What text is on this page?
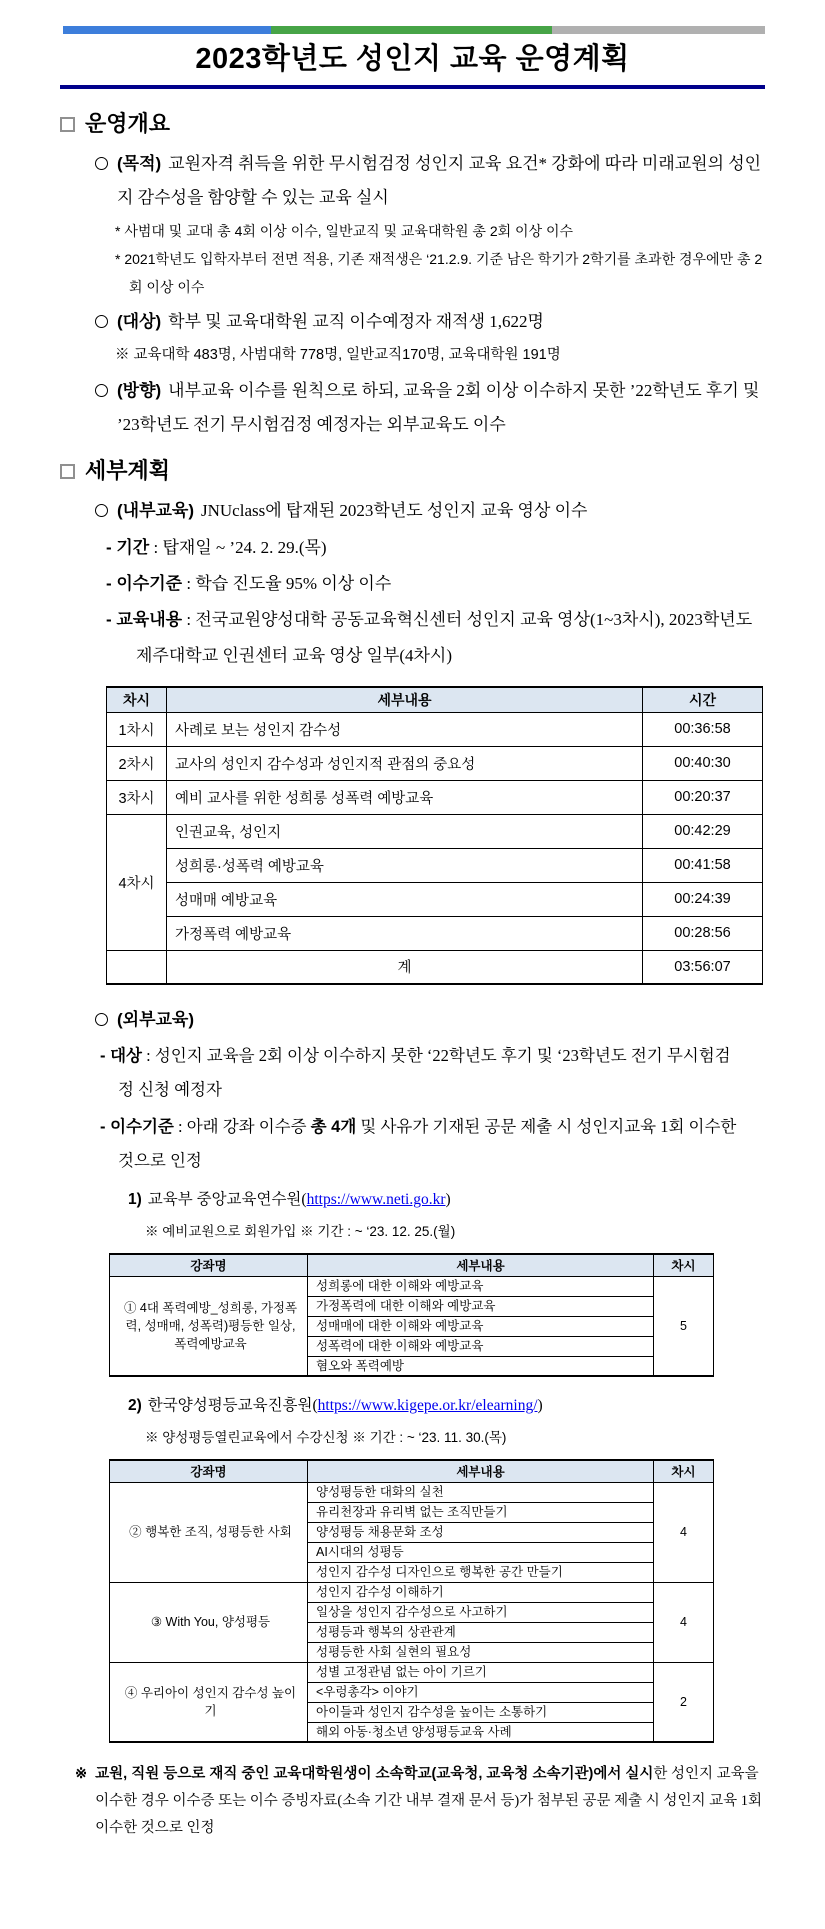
2023학년도 성인지 교육 운영계획
운영개요
(목적) 교원자격 취득을 위한 무시험검정 성인지 교육 요건* 강화에 따라 미래교원의 성인지 감수성을 함양할 수 있는 교육 실시
* 사범대 및 교대 총 4회 이상 이수, 일반교직 및 교육대학원 총 2회 이상 이수
* 2021학년도 입학자부터 전면 적용, 기존 재적생은 ‘21.2.9. 기준 남은 학기가 2학기를 초과한 경우에만 총 2회 이상 이수
(대상) 학부 및 교육대학원 교직 이수예정자 재적생 1,622명
※ 교육대학 483명, 사범대학 778명, 일반교직170명, 교육대학원 191명
(방향) 내부교육 이수를 원칙으로 하되, 교육을 2회 이상 이수하지 못한 ’22학년도 후기 및 ’23학년도 전기 무시험검정 예정자는 외부교육도 이수
세부계획
(내부교육) JNUclass에 탑재된 2023학년도 성인지 교육 영상 이수
- 기간 : 탑재일 ~ ’24. 2. 29.(목)
- 이수기준 : 학습 진도율 95% 이상 이수
- 교육내용 : 전국교원양성대학 공동교육혁신센터 성인지 교육 영상(1~3차시), 2023학년도 제주대학교 인권센터 교육 영상 일부(4차시)
차시	세부내용	시간
1차시	사례로 보는 성인지 감수성	00:36:58
2차시	교사의 성인지 감수성과 성인지적 관점의 중요성	00:40:30
3차시	예비 교사를 위한 성희롱 성폭력 예방교육	00:20:37
4차시	인권교육, 성인지	00:42:29
	성희롱·성폭력 예방교육	00:41:58
	성매매 예방교육	00:24:39
	가정폭력 예방교육	00:28:56
	계	03:56:07
(외부교육)
- 대상 : 성인지 교육을 2회 이상 이수하지 못한 ‘22학년도 후기 및 ‘23학년도 전기 무시험검정 신청 예정자
- 이수기준 : 아래 강좌 이수증 총 4개 및 사유가 기재된 공문 제출 시 성인지교육 1회 이수한 것으로 인정
1) 교육부 중앙교육연수원(https://www.neti.go.kr)
※ 예비교원으로 회원가입 ※ 기간 : ~ ‘23. 12. 25.(월)
강좌명	세부내용	차시
① 4대 폭력예방_성희롱, 가정폭력, 성매매, 성폭력)평등한 일상, 폭력예방교육	성희롱에 대한 이해와 예방교육	5
	가정폭력에 대한 이해와 예방교육	
	성매매에 대한 이해와 예방교육	
	성폭력에 대한 이해와 예방교육	
	혐오와 폭력예방	
2) 한국양성평등교육진흥원(https://www.kigepe.or.kr/elearning/)
※ 양성평등열린교육에서 수강신청 ※ 기간 : ~ ‘23. 11. 30.(목)
강좌명	세부내용	차시
② 행복한 조직, 성평등한 사회	양성평등한 대화의 실천	4
	유리천장과 유리벽 없는 조직만들기	
	양성평등 채용문화 조성	
	AI시대의 성평등	
	성인지 감수성 디자인으로 행복한 공간 만들기	
③ With You, 양성평등	성인지 감수성 이해하기	4
	일상을 성인지 감수성으로 사고하기	
	성평등과 행복의 상관관계	
	성평등한 사회 실현의 필요성	
④ 우리아이 성인지 감수성 높이기	성별 고정관념 없는 아이 기르기	2
	<우렁총각> 이야기	
	아이들과 성인지 감수성을 높이는 소통하기	
	해외 아동·청소년 양성평등교육 사례	
※ 교원, 직원 등으로 재직 중인 교육대학원생이 소속학교(교육청, 교육청 소속기관)에서 실시한 성인지 교육을 이수한 경우 이수증 또는 이수 증빙자료(소속 기간 내부 결재 문서 등)가 첨부된 공문 제출 시 성인지 교육 1회 이수한 것으로 인정
